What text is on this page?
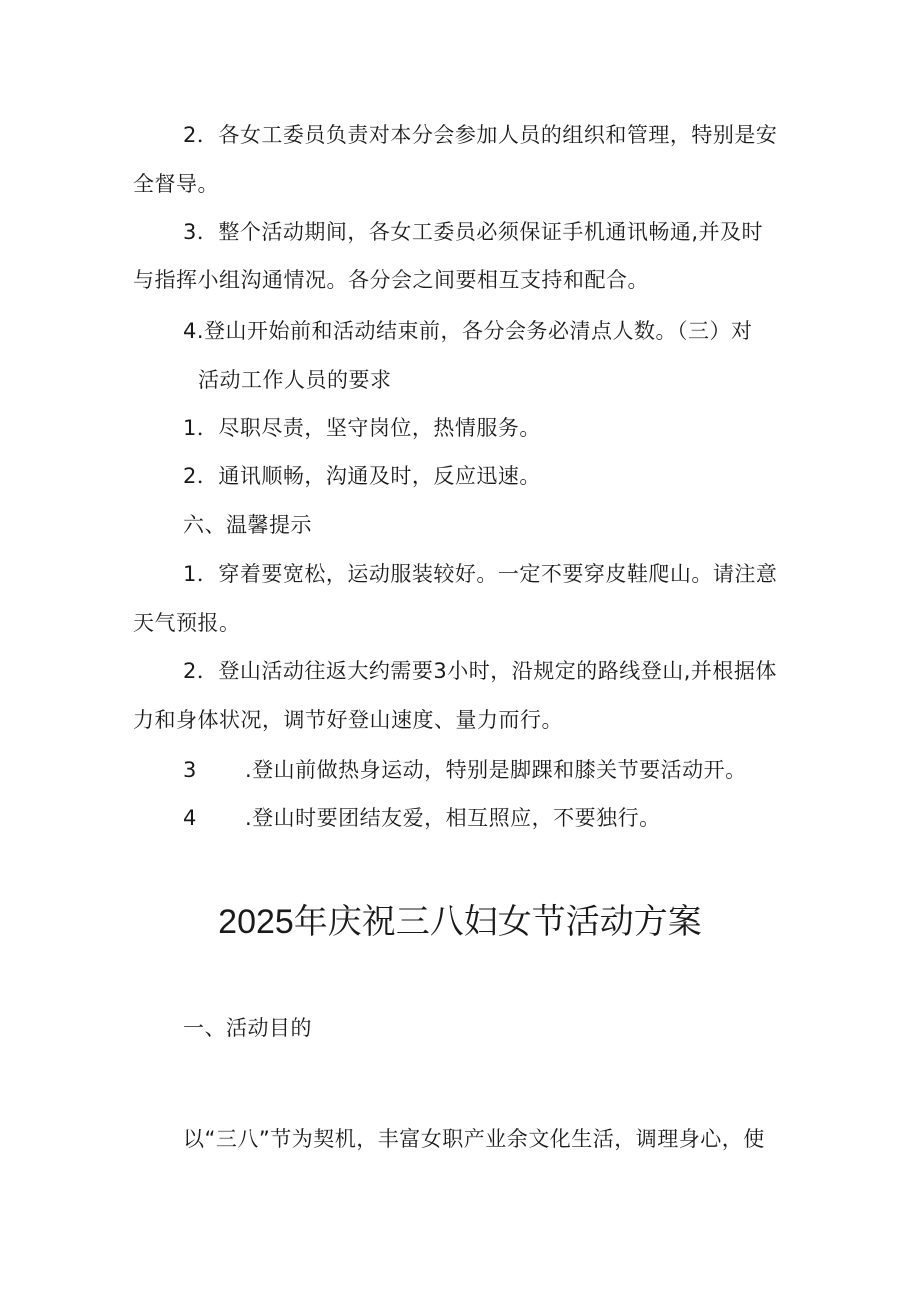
2．各女工委员负责对本分会参加人员的组织和管理，特别是安
全督导。
3．整个活动期间，各女工委员必须保证手机通讯畅通,并及时
与指挥小组沟通情况。各分会之间要相互支持和配合。
4.登山开始前和活动结束前，各分会务必清点人数。（三）对
活动工作人员的要求
1．尽职尽责，坚守岗位，热情服务。
2．通讯顺畅，沟通及时，反应迅速。
六、温馨提示
1．穿着要宽松，运动服装较好。一定不要穿皮鞋爬山。请注意
天气预报。
2．登山活动往返大约需要3小时，沿规定的路线登山,并根据体
力和身体状况，调节好登山速度、量力而行。
3 .登山前做热身运动，特别是脚踝和膝关节要活动开。
4 .登山时要团结友爱，相互照应，不要独行。
2025年庆祝三八妇女节活动方案
一、活动目的
以“三八”节为契机，丰富女职产业余文化生活，调理身心，使
